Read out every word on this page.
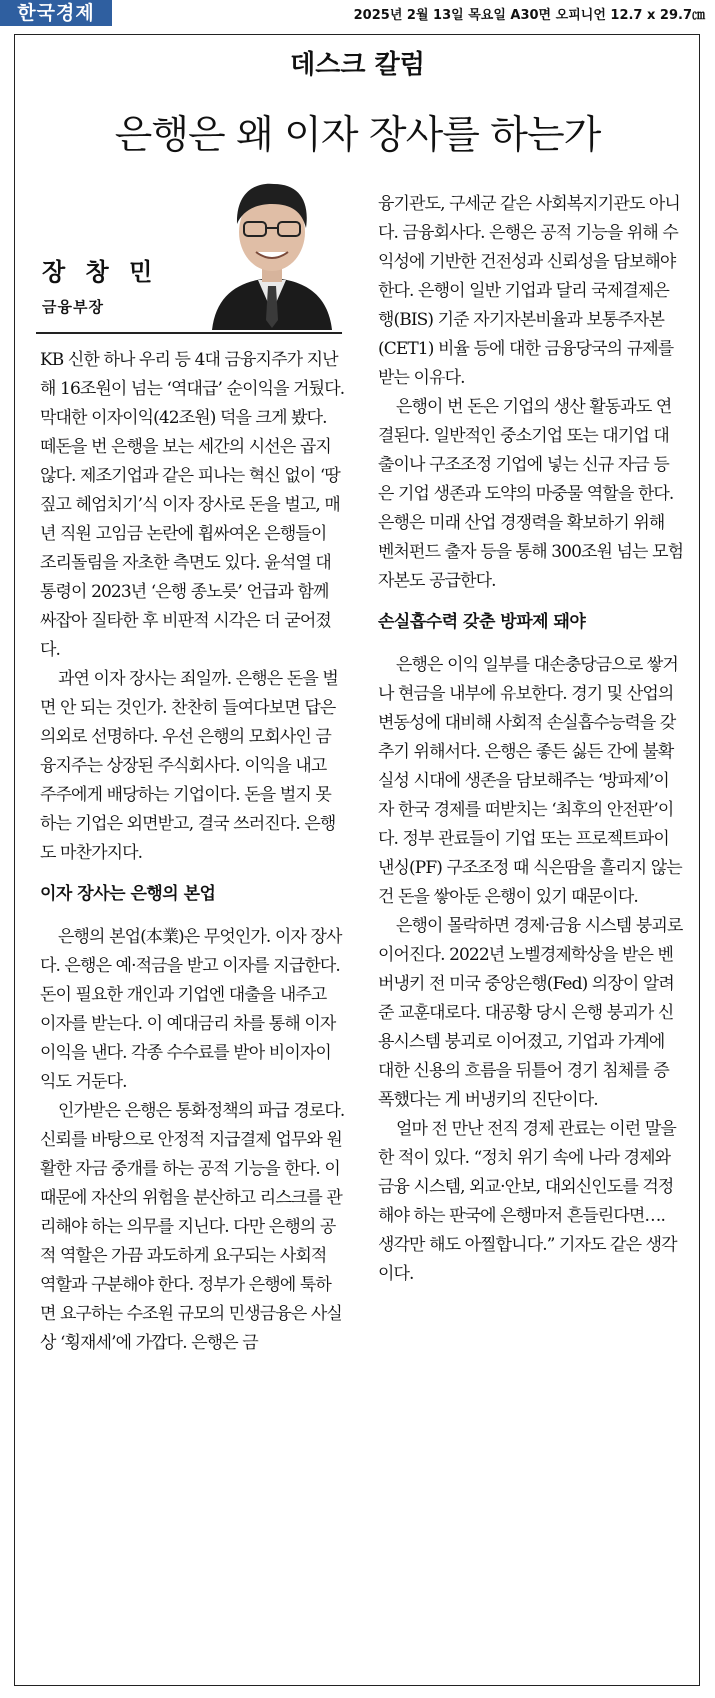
한국경제	2025년 2월 13일 목요일 A30면 오피니언 12.7 x 29.7㎝
데스크 칼럼
은행은 왜 이자 장사를 하는가
장 창 민
금융부장

KB 신한 하나 우리 등 4대 금융지주가 지난해 16조원이 넘는 ‘역대급’ 순이익을 거뒀다. 막대한 이자이익(42조원) 덕을 크게 봤다. 떼돈을 번 은행을 보는 세간의 시선은 곱지 않다. 제조기업과 같은 피나는 혁신 없이 ‘땅 짚고 헤엄치기’식 이자 장사로 돈을 벌고, 매년 직원 고임금 논란에 휩싸여온 은행들이 조리돌림을 자초한 측면도 있다. 윤석열 대통령이 2023년 ‘은행 종노릇’ 언급과 함께 싸잡아 질타한 후 비판적 시각은 더 굳어졌다.

과연 이자 장사는 죄일까. 은행은 돈을 벌면 안 되는 것인가. 찬찬히 들여다보면 답은 의외로 선명하다. 우선 은행의 모회사인 금융지주는 상장된 주식회사다. 이익을 내고 주주에게 배당하는 기업이다. 돈을 벌지 못하는 기업은 외면받고, 결국 쓰러진다. 은행도 마찬가지다.

이자 장사는 은행의 본업

은행의 본업(本業)은 무엇인가. 이자 장사다. 은행은 예·적금을 받고 이자를 지급한다. 돈이 필요한 개인과 기업엔 대출을 내주고 이자를 받는다. 이 예대금리 차를 통해 이자이익을 낸다. 각종 수수료를 받아 비이자이익도 거둔다.

인가받은 은행은 통화정책의 파급 경로다. 신뢰를 바탕으로 안정적 지급결제 업무와 원활한 자금 중개를 하는 공적 기능을 한다. 이 때문에 자산의 위험을 분산하고 리스크를 관리해야 하는 의무를 지닌다. 다만 은행의 공적 역할은 가끔 과도하게 요구되는 사회적 역할과 구분해야 한다. 정부가 은행에 툭하면 요구하는 수조원 규모의 민생금융은 사실상 ‘횡재세’에 가깝다. 은행은 금

융기관도, 구세군 같은 사회복지기관도 아니다. 금융회사다. 은행은 공적 기능을 위해 수익성에 기반한 건전성과 신뢰성을 담보해야 한다. 은행이 일반 기업과 달리 국제결제은행(BIS) 기준 자기자본비율과 보통주자본(CET1) 비율 등에 대한 금융당국의 규제를 받는 이유다.

은행이 번 돈은 기업의 생산 활동과도 연결된다. 일반적인 중소기업 또는 대기업 대출이나 구조조정 기업에 넣는 신규 자금 등은 기업 생존과 도약의 마중물 역할을 한다. 은행은 미래 산업 경쟁력을 확보하기 위해 벤처펀드 출자 등을 통해 300조원 넘는 모험자본도 공급한다.

손실흡수력 갖춘 방파제 돼야

은행은 이익 일부를 대손충당금으로 쌓거나 현금을 내부에 유보한다. 경기 및 산업의 변동성에 대비해 사회적 손실흡수능력을 갖추기 위해서다. 은행은 좋든 싫든 간에 불확실성 시대에 생존을 담보해주는 ‘방파제’이자 한국 경제를 떠받치는 ‘최후의 안전판’이다. 정부 관료들이 기업 또는 프로젝트파이낸싱(PF) 구조조정 때 식은땀을 흘리지 않는 건 돈을 쌓아둔 은행이 있기 때문이다.

은행이 몰락하면 경제·금융 시스템 붕괴로 이어진다. 2022년 노벨경제학상을 받은 벤 버냉키 전 미국 중앙은행(Fed) 의장이 알려준 교훈대로다. 대공황 당시 은행 붕괴가 신용시스템 붕괴로 이어졌고, 기업과 가계에 대한 신용의 흐름을 뒤틀어 경기 침체를 증폭했다는 게 버냉키의 진단이다.

얼마 전 만난 전직 경제 관료는 이런 말을 한 적이 있다. “정치 위기 속에 나라 경제와 금융 시스템, 외교·안보, 대외신인도를 걱정해야 하는 판국에 은행마저 흔들린다면…. 생각만 해도 아찔합니다.” 기자도 같은 생각이다.
